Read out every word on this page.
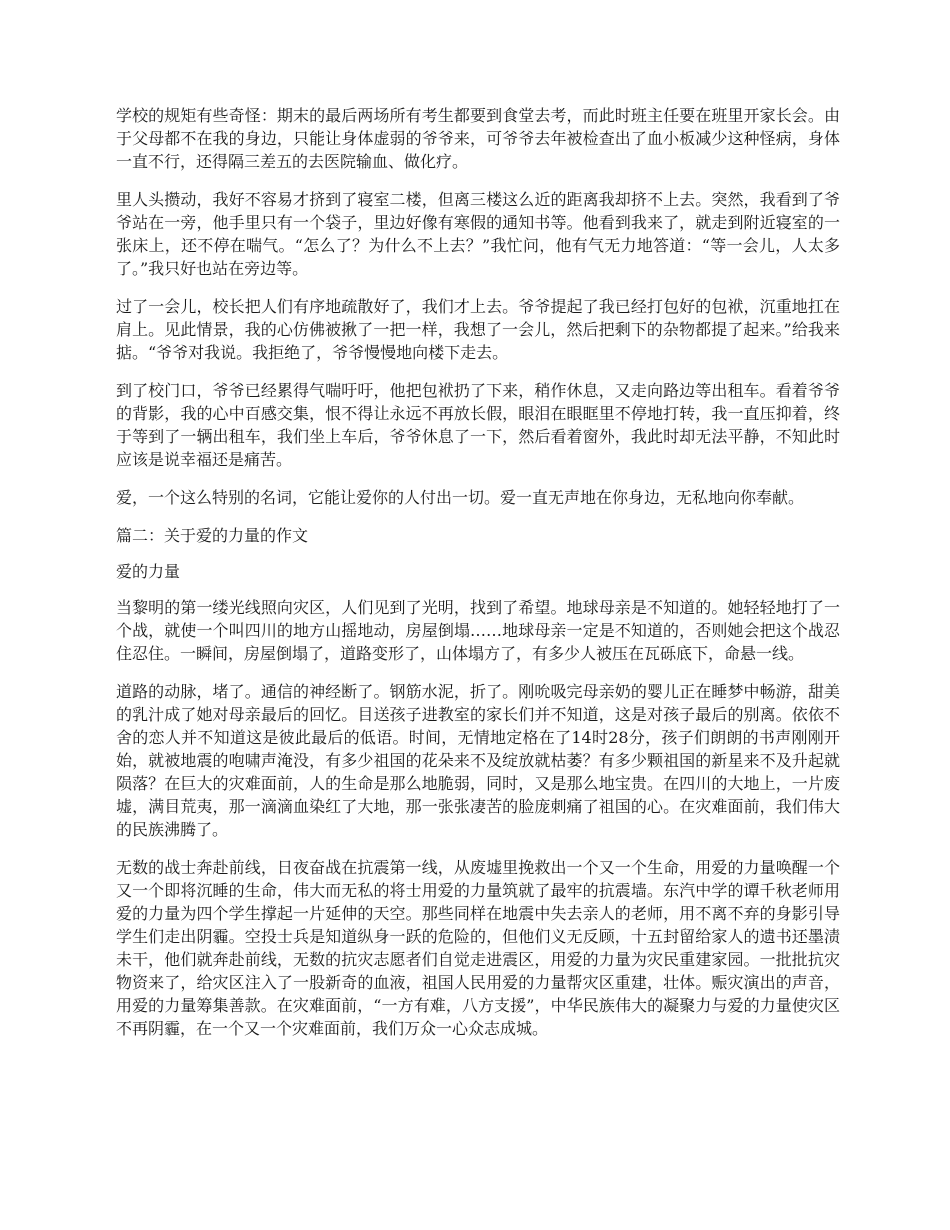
学校的规矩有些奇怪：期末的最后两场所有考生都要到食堂去考，而此时班主任要在班里开家长会。由于父母都不在我的身边，只能让身体虚弱的爷爷来，可爷爷去年被检查出了血小板减少这种怪病，身体一直不行，还得隔三差五的去医院输血、做化疗。

里人头攒动，我好不容易才挤到了寝室二楼，但离三楼这么近的距离我却挤不上去。突然，我看到了爷爷站在一旁，他手里只有一个袋子，里边好像有寒假的通知书等。他看到我来了，就走到附近寝室的一张床上，还不停在喘气。“怎么了？为什么不上去？”我忙问，他有气无力地答道：“等一会儿，人太多了。”我只好也站在旁边等。

过了一会儿，校长把人们有序地疏散好了，我们才上去。爷爷提起了我已经打包好的包袱，沉重地扛在肩上。见此情景，我的心仿佛被揪了一把一样，我想了一会儿，然后把剩下的杂物都提了起来。”给我来掂。“爷爷对我说。我拒绝了，爷爷慢慢地向楼下走去。

到了校门口，爷爷已经累得气喘吁吁，他把包袱扔了下来，稍作休息，又走向路边等出租车。看着爷爷的背影，我的心中百感交集，恨不得让永远不再放长假，眼泪在眼眶里不停地打转，我一直压抑着，终于等到了一辆出租车，我们坐上车后，爷爷休息了一下，然后看着窗外，我此时却无法平静，不知此时应该是说幸福还是痛苦。

爱，一个这么特别的名词，它能让爱你的人付出一切。爱一直无声地在你身边，无私地向你奉献。

篇二：关于爱的力量的作文

爱的力量

当黎明的第一缕光线照向灾区，人们见到了光明，找到了希望。地球母亲是不知道的。她轻轻地打了一个战，就使一个叫四川的地方山摇地动，房屋倒塌……地球母亲一定是不知道的，否则她会把这个战忍住忍住。一瞬间，房屋倒塌了，道路变形了，山体塌方了，有多少人被压在瓦砾底下，命悬一线。

道路的动脉，堵了。通信的神经断了。钢筋水泥，折了。刚吮吸完母亲奶的婴儿正在睡梦中畅游，甜美的乳汁成了她对母亲最后的回忆。目送孩子进教室的家长们并不知道，这是对孩子最后的别离。依依不舍的恋人并不知道这是彼此最后的低语。时间，无情地定格在了14时28分，孩子们朗朗的书声刚刚开始，就被地震的咆啸声淹没，有多少祖国的花朵来不及绽放就枯萎？有多少颗祖国的新星来不及升起就陨落？在巨大的灾难面前，人的生命是那么地脆弱，同时，又是那么地宝贵。在四川的大地上，一片废墟，满目荒夷，那一滴滴血染红了大地，那一张张凄苦的脸庞刺痛了祖国的心。在灾难面前，我们伟大的民族沸腾了。

无数的战士奔赴前线，日夜奋战在抗震第一线，从废墟里挽救出一个又一个生命，用爱的力量唤醒一个又一个即将沉睡的生命，伟大而无私的将士用爱的力量筑就了最牢的抗震墙。东汽中学的谭千秋老师用爱的力量为四个学生撑起一片延伸的天空。那些同样在地震中失去亲人的老师，用不离不弃的身影引导学生们走出阴霾。空投士兵是知道纵身一跃的危险的，但他们义无反顾，十五封留给家人的遗书还墨渍未干，他们就奔赴前线，无数的抗灾志愿者们自觉走进震区，用爱的力量为灾民重建家园。一批批抗灾物资来了，给灾区注入了一股新奇的血液，祖国人民用爱的力量帮灾区重建，壮体。赈灾演出的声音，用爱的力量筹集善款。在灾难面前，“一方有难，八方支援”，中华民族伟大的凝聚力与爱的力量使灾区不再阴霾，在一个又一个灾难面前，我们万众一心众志成城。
